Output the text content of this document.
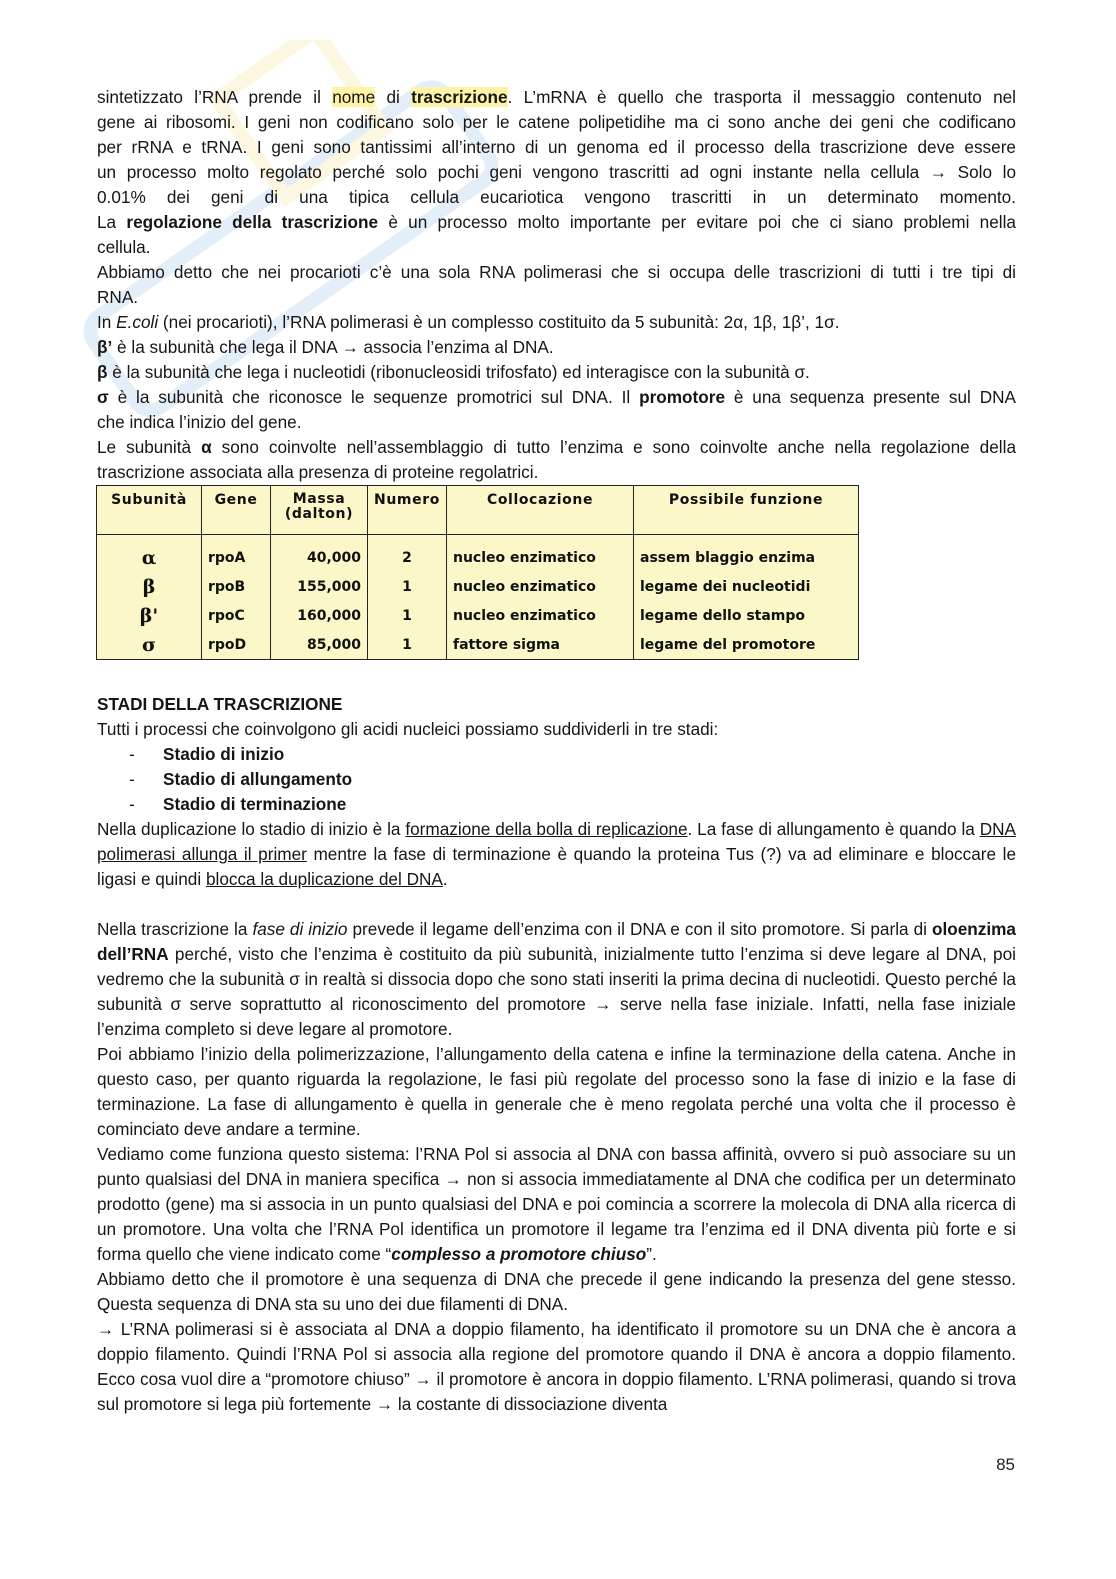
sintetizzato l’RNA prende il nome di trascrizione. L’mRNA è quello che trasporta il messaggio contenuto nel

gene ai ribosomi. I geni non codificano solo per le catene polipetidihe ma ci sono anche dei geni che codificano

per rRNA e tRNA. I geni sono tantissimi all’interno di un genoma ed il processo della trascrizione deve essere

un processo molto regolato perché solo pochi geni vengono trascritti ad ogni instante nella cellula → Solo lo

0.01% dei geni di una tipica cellula eucariotica vengono trascritti in un determinato momento.

La regolazione della trascrizione è un processo molto importante per evitare poi che ci siano problemi nella

cellula.

Abbiamo detto che nei procarioti c’è una sola RNA polimerasi che si occupa delle trascrizioni di tutti i tre tipi di

RNA.

In E.coli (nei procarioti), l’RNA polimerasi è un complesso costituito da 5 subunità: 2α, 1β, 1β’, 1σ.

β’ è la subunità che lega il DNA → associa l’enzima al DNA.

β è la subunità che lega i nucleotidi (ribonucleosidi trifosfato) ed interagisce con la subunità σ.

σ è la subunità che riconosce le sequenze promotrici sul DNA. Il promotore è una sequenza presente sul DNA

che indica l’inizio del gene.

Le subunità α sono coinvolte nell’assemblaggio di tutto l’enzima e sono coinvolte anche nella regolazione della

trascrizione associata alla presenza di proteine regolatrici.

Subunità	Gene	Massa
(dalton)	Numero	Collocazione	Possibile funzione
α	rpoA	40,000	2	nucleo enzimatico	assem blaggio enzima
β	rpoB	155,000	1	nucleo enzimatico	legame dei nucleotidi
β'	rpoC	160,000	1	nucleo enzimatico	legame dello stampo
σ	rpoD	85,000	1	fattore sigma	legame del promotore

STADI DELLA TRASCRIZIONE

Tutti i processi che coinvolgono gli acidi nucleici possiamo suddividerli in tre stadi:

- Stadio di inizio
- Stadio di allungamento
- Stadio di terminazione

Nella duplicazione lo stadio di inizio è la formazione della bolla di replicazione. La fase di allungamento è quando la DNA polimerasi allunga il primer mentre la fase di terminazione è quando la proteina Tus (?) va ad eliminare e bloccare le ligasi e quindi blocca la duplicazione del DNA.

Nella trascrizione la fase di inizio prevede il legame dell’enzima con il DNA e con il sito promotore. Si parla di oloenzima dell’RNA perché, visto che l’enzima è costituito da più subunità, inizialmente tutto l’enzima si deve legare al DNA, poi vedremo che la subunità σ in realtà si dissocia dopo che sono stati inseriti la prima decina di nucleotidi. Questo perché la subunità σ serve soprattutto al riconoscimento del promotore → serve nella fase iniziale. Infatti, nella fase iniziale l’enzima completo si deve legare al promotore.

Poi abbiamo l’inizio della polimerizzazione, l’allungamento della catena e infine la terminazione della catena. Anche in questo caso, per quanto riguarda la regolazione, le fasi più regolate del processo sono la fase di inizio e la fase di terminazione. La fase di allungamento è quella in generale che è meno regolata perché una volta che il processo è cominciato deve andare a termine.

Vediamo come funziona questo sistema: l’RNA Pol si associa al DNA con bassa affinità, ovvero si può associare su un punto qualsiasi del DNA in maniera specifica → non si associa immediatamente al DNA che codifica per un determinato prodotto (gene) ma si associa in un punto qualsiasi del DNA e poi comincia a scorrere la molecola di DNA alla ricerca di un promotore. Una volta che l’RNA Pol identifica un promotore il legame tra l’enzima ed il DNA diventa più forte e si forma quello che viene indicato come “complesso a promotore chiuso”.

Abbiamo detto che il promotore è una sequenza di DNA che precede il gene indicando la presenza del gene stesso. Questa sequenza di DNA sta su uno dei due filamenti di DNA.

→ L’RNA polimerasi si è associata al DNA a doppio filamento, ha identificato il promotore su un DNA che è ancora a doppio filamento. Quindi l’RNA Pol si associa alla regione del promotore quando il DNA è ancora a doppio filamento. Ecco cosa vuol dire a “promotore chiuso” → il promotore è ancora in doppio filamento. L’RNA polimerasi, quando si trova sul promotore si lega più fortemente → la costante di dissociazione diventa

85
